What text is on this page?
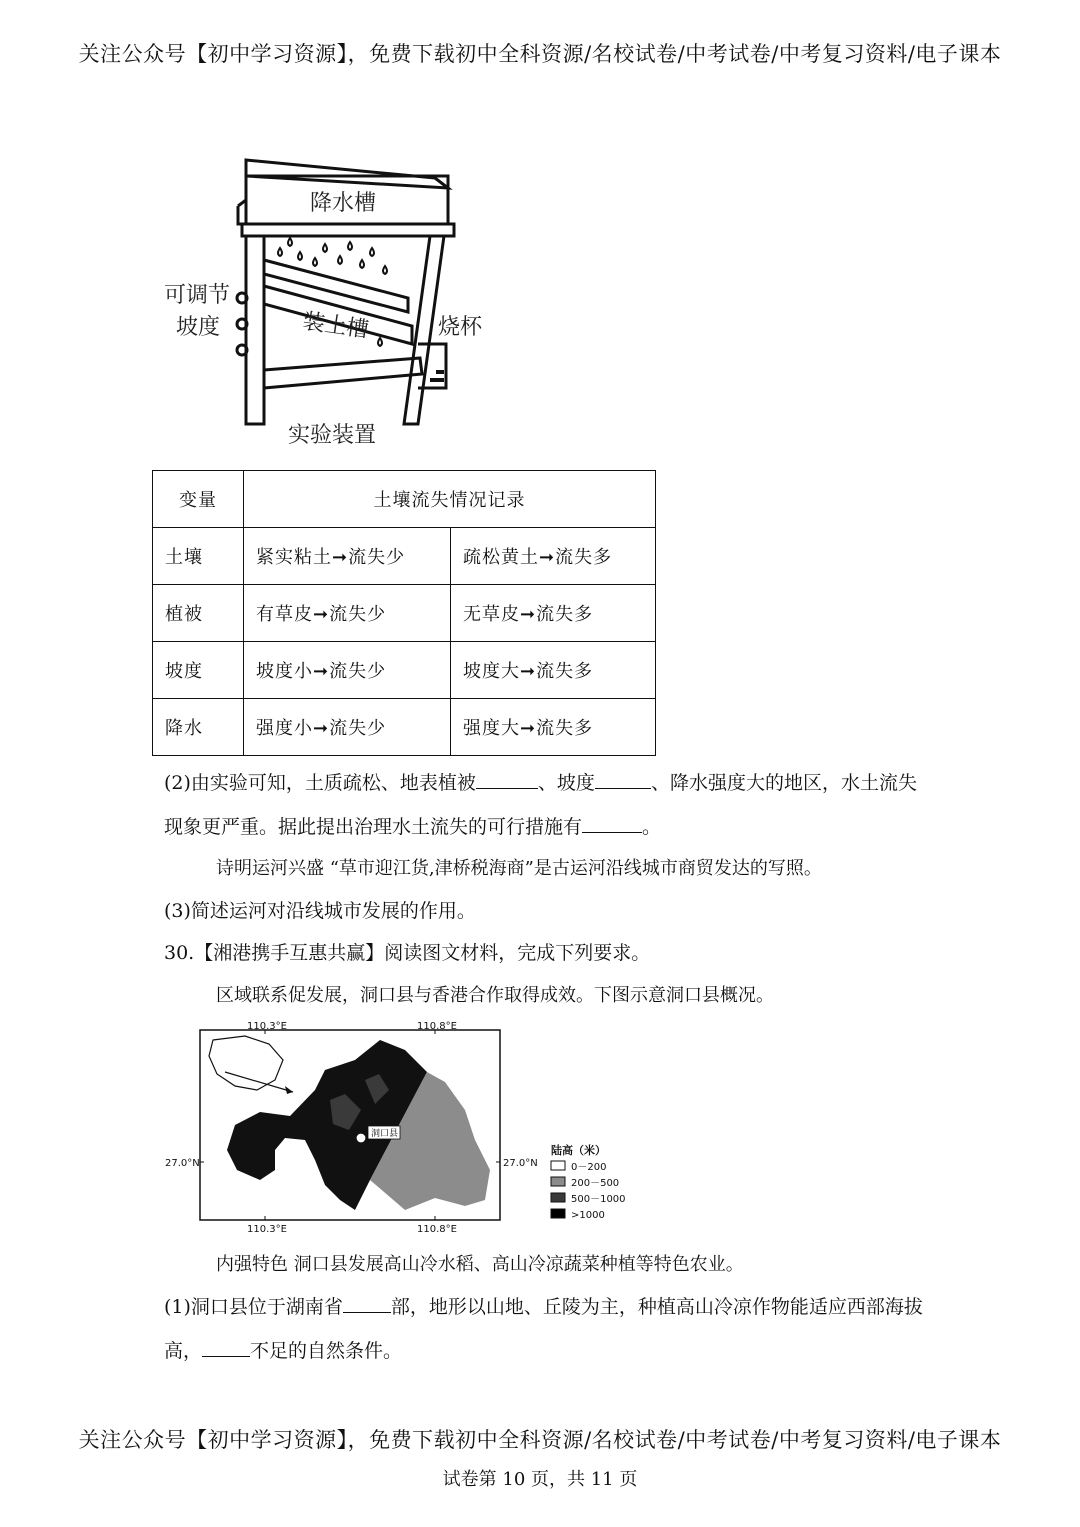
关注公众号【初中学习资源】，免费下载初中全科资源/名校试卷/中考试卷/中考复习资料/电子课本
降水槽
可调节
坡度	装土槽	烧杯
实验装置
变量	土壤流失情况记录	
土壤	紧实粘土➞流失少	疏松黄土➞流失多
植被	有草皮➞流失少	无草皮➞流失多
坡度	坡度小➞流失少	坡度大➞流失多
降水	强度小➞流失少	强度大➞流失多
(2)由实验可知，土质疏松、地表植被	、坡度	、降水强度大的地区，水土流失
现象更严重。据此提出治理水土流失的可行措施有	。
诗明运河兴盛 “草市迎江货,津桥税海商”是古运河沿线城市商贸发达的写照。
(3)简述运河对沿线城市发展的作用。
30.【湘港携手互惠共赢】阅读图文材料，完成下列要求。
区域联系促发展，洞口县与香港合作取得成效。下图示意洞口县概况。
洞口县
110.3°E	110.8°E
110.3°E	110.8°E
27.0°N	27.0°N
陆高（米）
0－200
200－500
500－1000
>1000
内强特色 洞口县发展高山冷水稻、高山冷凉蔬菜种植等特色农业。
(1)洞口县位于湖南省	部，地形以山地、丘陵为主，种植高山冷凉作物能适应西部海拔
高，	不足的自然条件。
关注公众号【初中学习资源】，免费下载初中全科资源/名校试卷/中考试卷/中考复习资料/电子课本
试卷第 10 页，共 11 页
